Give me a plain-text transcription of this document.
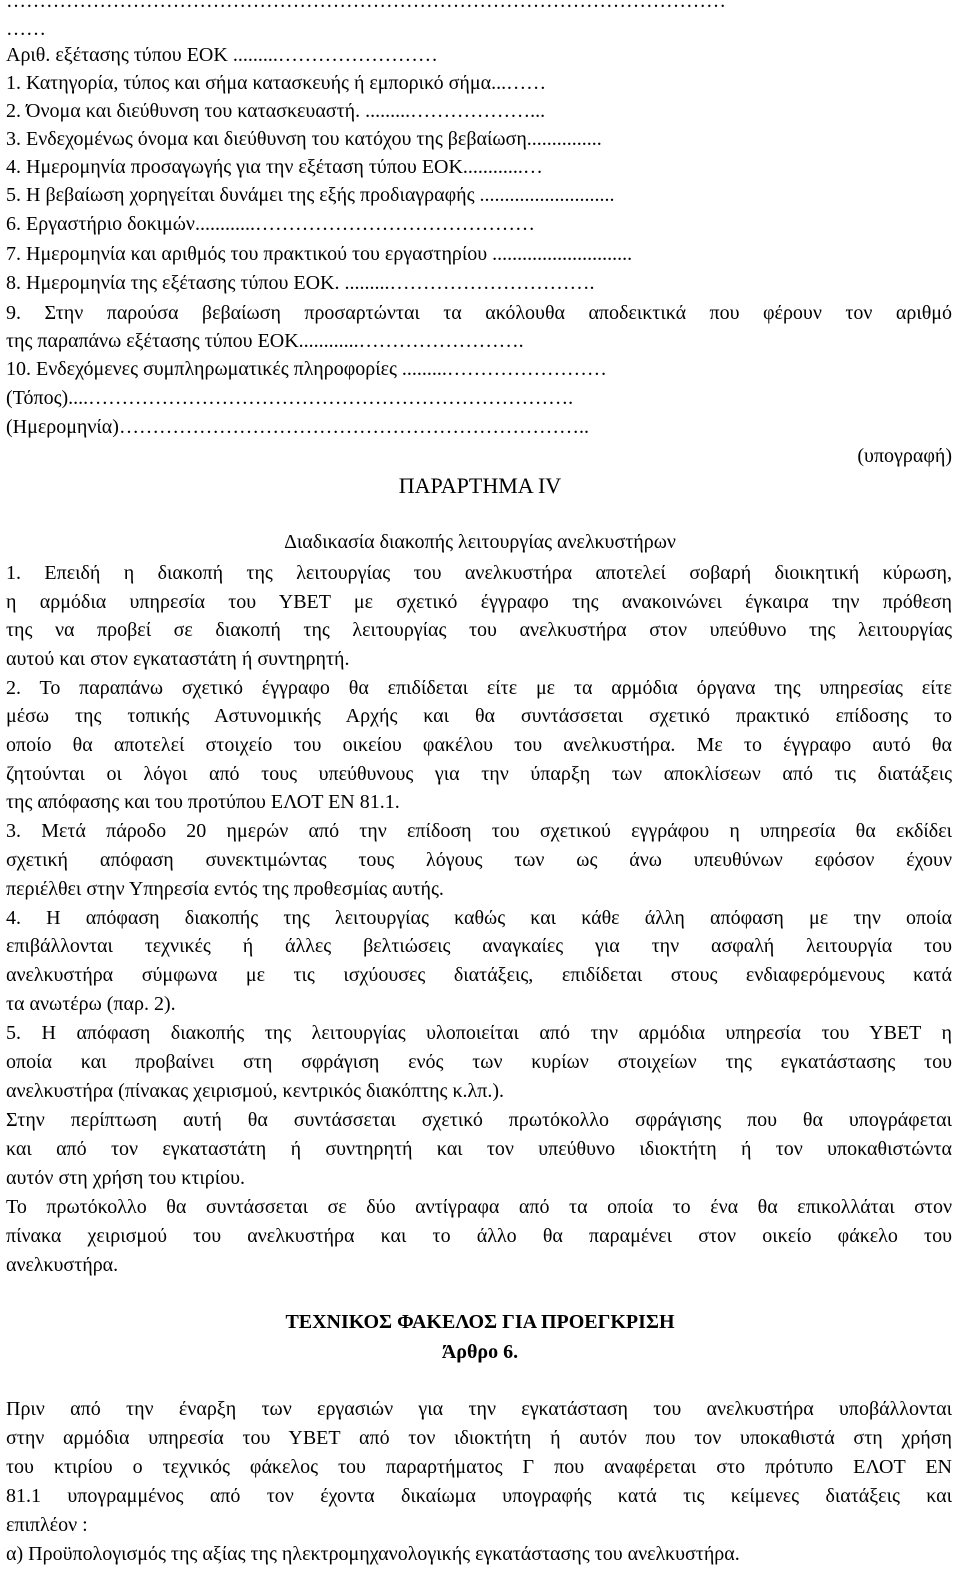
………………………………………………………………………………………………
……
Αριθ. εξέτασης τύπου ΕΟΚ .........……………………
1. Κατηγορία, τύπος και σήμα κατασκευής ή εμπορικό σήμα...……
2. Όνομα και διεύθυνση του κατασκευαστή. .........………………...
3. Ενδεχομένως όνομα και διεύθυνση του κατόχου της βεβαίωση...............
4. Ημερομηνία προσαγωγής για την εξέταση τύπου ΕΟΚ............…
5. Η βεβαίωση χορηγείται δυνάμει της εξής προδιαγραφής ...........................
6. Εργαστήριο δοκιμών............……………………………………
7. Ημερομηνία και αριθμός του πρακτικού του εργαστηρίου ............................
8. Ημερομηνία της εξέτασης τύπου ΕΟΚ. .........………………………….
9. Στην παρούσα βεβαίωση προσαρτώνται τα ακόλουθα αποδεικτικά που φέρουν τον αριθμό
της παραπάνω εξέτασης τύπου ΕΟΚ............…………………….
10. Ενδεχόμενες συμπληρωματικές πληροφορίες .........……………………
(Τόπος)....……………………………………………………………….
(Ημερομηνία)……………………………………………………………..
(υπογραφή)
ΠΑΡΑΡΤΗΜΑ IV
Διαδικασία διακοπής λειτουργίας ανελκυστήρων
1. Επειδή η διακοπή της λειτουργίας του ανελκυστήρα αποτελεί σοβαρή διοικητική κύρωση,
η αρμόδια υπηρεσία του ΥΒΕΤ με σχετικό έγγραφο της ανακοινώνει έγκαιρα την πρόθεση
της να προβεί σε διακοπή της λειτουργίας του ανελκυστήρα στον υπεύθυνο της λειτουργίας
αυτού και στον εγκαταστάτη ή συντηρητή.
2. Το παραπάνω σχετικό έγγραφο θα επιδίδεται είτε με τα αρμόδια όργανα της υπηρεσίας είτε
μέσω της τοπικής Αστυνομικής Αρχής και θα συντάσσεται σχετικό πρακτικό επίδοσης το
οποίο θα αποτελεί στοιχείο του οικείου φακέλου του ανελκυστήρα. Με το έγγραφο αυτό θα
ζητούνται οι λόγοι από τους υπεύθυνους για την ύπαρξη των αποκλίσεων από τις διατάξεις
της απόφασης και του προτύπου ΕΛΟΤ ΕΝ 81.1.
3. Μετά πάροδο 20 ημερών από την επίδοση του σχετικού εγγράφου η υπηρεσία θα εκδίδει
σχετική απόφαση συνεκτιμώντας τους λόγους των ως άνω υπευθύνων εφόσον έχουν
περιέλθει στην Υπηρεσία εντός της προθεσμίας αυτής.
4. Η απόφαση διακοπής της λειτουργίας καθώς και κάθε άλλη απόφαση με την οποία
επιβάλλονται τεχνικές ή άλλες βελτιώσεις αναγκαίες για την ασφαλή λειτουργία του
ανελκυστήρα σύμφωνα με τις ισχύουσες διατάξεις, επιδίδεται στους ενδιαφερόμενους κατά
τα ανωτέρω (παρ. 2).
5. Η απόφαση διακοπής της λειτουργίας υλοποιείται από την αρμόδια υπηρεσία του ΥΒΕΤ η
οποία και προβαίνει στη σφράγιση ενός των κυρίων στοιχείων της εγκατάστασης του
ανελκυστήρα (πίνακας χειρισμού, κεντρικός διακόπτης κ.λπ.).
Στην περίπτωση αυτή θα συντάσσεται σχετικό πρωτόκολλο σφράγισης που θα υπογράφεται
και από τον εγκαταστάτη ή συντηρητή και τον υπεύθυνο ιδιοκτήτη ή τον υποκαθιστώντα
αυτόν στη χρήση του κτιρίου.
Το πρωτόκολλο θα συντάσσεται σε δύο αντίγραφα από τα οποία το ένα θα επικολλάται στον
πίνακα χειρισμού του ανελκυστήρα και το άλλο θα παραμένει στον οικείο φάκελο του
ανελκυστήρα.
ΤΕΧΝΙΚΟΣ ΦΑΚΕΛΟΣ ΓΙΑ ΠΡΟΕΓΚΡΙΣΗ
Άρθρο 6.
Πριν από την έναρξη των εργασιών για την εγκατάσταση του ανελκυστήρα υποβάλλονται
στην αρμόδια υπηρεσία του ΥΒΕΤ από τον ιδιοκτήτη ή αυτόν που τον υποκαθιστά στη χρήση
του κτιρίου ο τεχνικός φάκελος του παραρτήματος Γ που αναφέρεται στο πρότυπο ΕΛΟΤ ΕΝ
81.1 υπογραμμένος από τον έχοντα δικαίωμα υπογραφής κατά τις κείμενες διατάξεις και
επιπλέον :
α) Προϋπολογισμός της αξίας της ηλεκτρομηχανολογικής εγκατάστασης του ανελκυστήρα.
